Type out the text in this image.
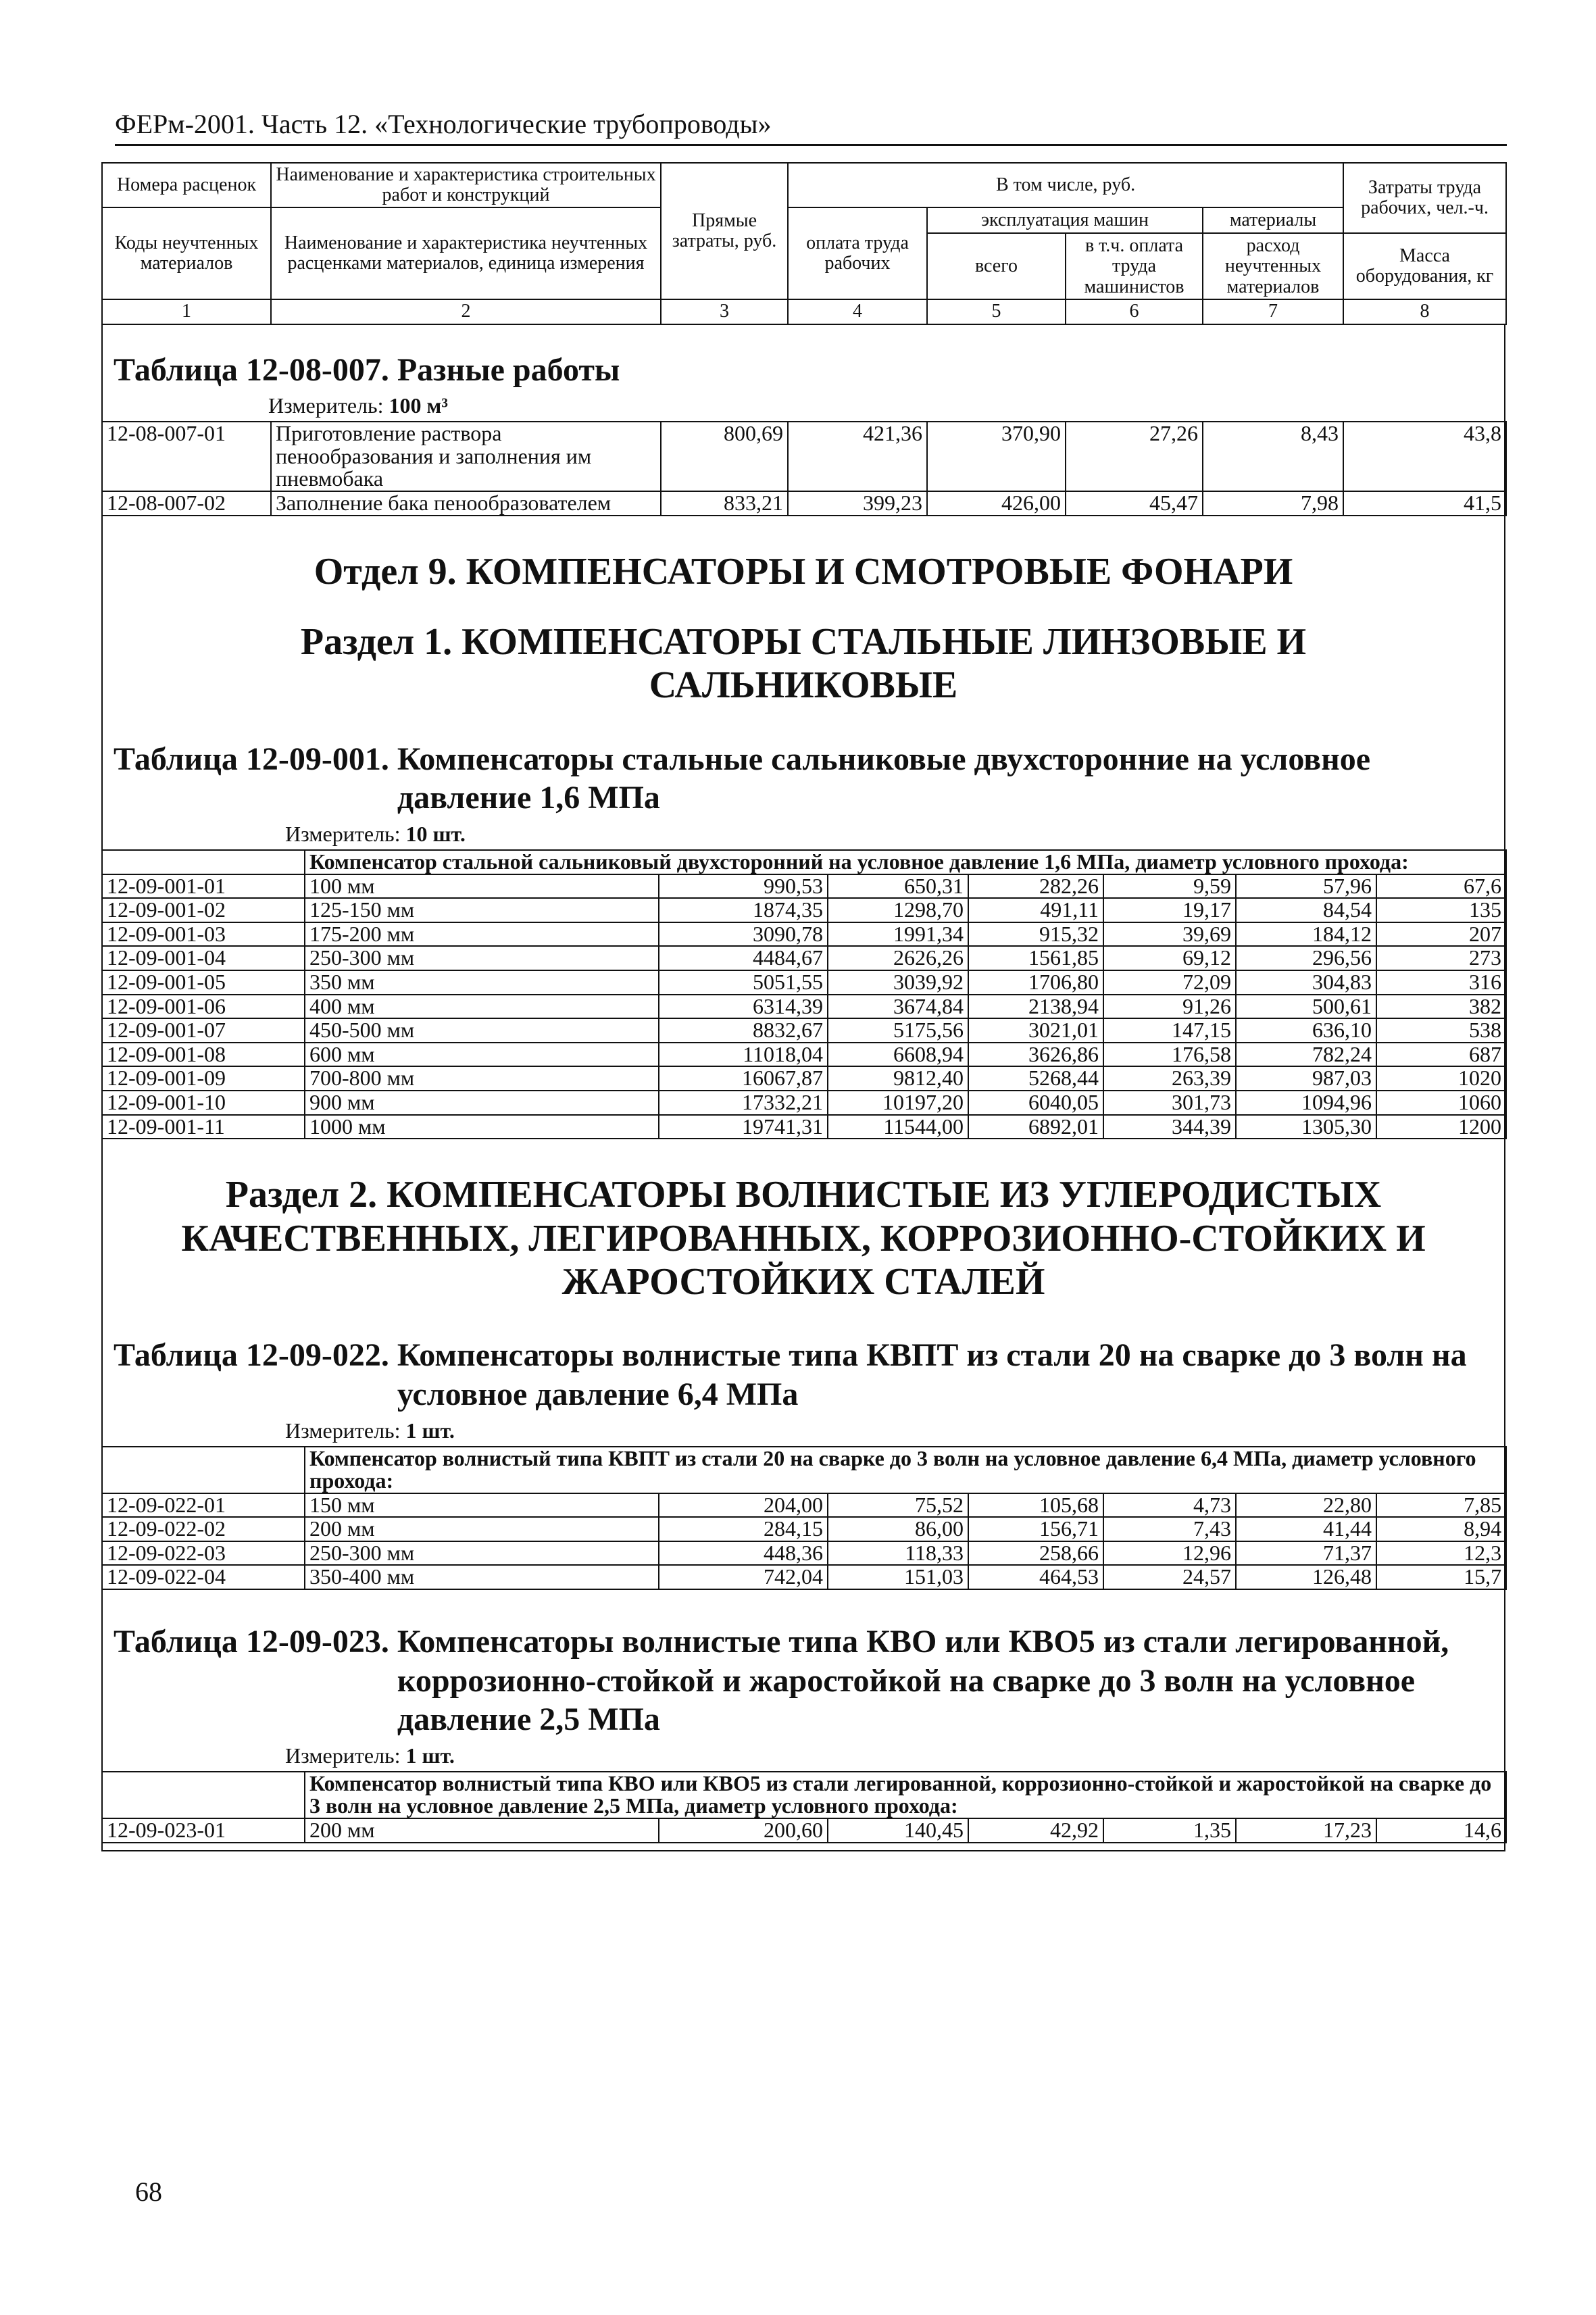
ФЕРм-2001. Часть 12. «Технологические трубопроводы»
Номера расценок	Наименование и характеристика строительных работ и конструкций	Прямые затраты, руб.	В том числе, руб.				Затраты труда рабочих, чел.-ч.
Коды неучтенных материалов	Наименование и характеристика неучтенных расценками материалов, единица измерения		оплата труда рабочих	эксплуатация машин		материалы	
				всего	в т.ч. оплата труда машинистов	расход неучтенных материалов	Масса оборудования, кг
1	2	3	4	5	6	7	8
Таблица 12-08-007. Разные работы
Измеритель: 100 м³
12-08-007-01	Приготовление раствора пенообразования и заполнения им пневмобака	800,69	421,36	370,90	27,26	8,43	43,8
12-08-007-02	Заполнение бака пенообразователем	833,21	399,23	426,00	45,47	7,98	41,5
Отдел 9. КОМПЕНСАТОРЫ И СМОТРОВЫЕ ФОНАРИ
Раздел 1. КОМПЕНСАТОРЫ СТАЛЬНЫЕ ЛИНЗОВЫЕ И САЛЬНИКОВЫЕ
Таблица 12-09-001. Компенсаторы стальные сальниковые двухсторонние на условное давление 1,6 МПа
Измеритель: 10 шт.
	Компенсатор стальной сальниковый двухсторонний на условное давление 1,6 МПа, диаметр условного прохода:						
12-09-001-01	100 мм	990,53	650,31	282,26	9,59	57,96	67,6
12-09-001-02	125-150 мм	1874,35	1298,70	491,11	19,17	84,54	135
12-09-001-03	175-200 мм	3090,78	1991,34	915,32	39,69	184,12	207
12-09-001-04	250-300 мм	4484,67	2626,26	1561,85	69,12	296,56	273
12-09-001-05	350 мм	5051,55	3039,92	1706,80	72,09	304,83	316
12-09-001-06	400 мм	6314,39	3674,84	2138,94	91,26	500,61	382
12-09-001-07	450-500 мм	8832,67	5175,56	3021,01	147,15	636,10	538
12-09-001-08	600 мм	11018,04	6608,94	3626,86	176,58	782,24	687
12-09-001-09	700-800 мм	16067,87	9812,40	5268,44	263,39	987,03	1020
12-09-001-10	900 мм	17332,21	10197,20	6040,05	301,73	1094,96	1060
12-09-001-11	1000 мм	19741,31	11544,00	6892,01	344,39	1305,30	1200
Раздел 2. КОМПЕНСАТОРЫ ВОЛНИСТЫЕ ИЗ УГЛЕРОДИСТЫХ КАЧЕСТВЕННЫХ, ЛЕГИРОВАННЫХ, КОРРОЗИОННО-СТОЙКИХ И ЖАРОСТОЙКИХ СТАЛЕЙ
Таблица 12-09-022. Компенсаторы волнистые типа КВПТ из стали 20 на сварке до 3 волн на условное давление 6,4 МПа
Измеритель: 1 шт.
	Компенсатор волнистый типа КВПТ из стали 20 на сварке до 3 волн на условное давление 6,4 МПа, диаметр условного прохода:						
12-09-022-01	150 мм	204,00	75,52	105,68	4,73	22,80	7,85
12-09-022-02	200 мм	284,15	86,00	156,71	7,43	41,44	8,94
12-09-022-03	250-300 мм	448,36	118,33	258,66	12,96	71,37	12,3
12-09-022-04	350-400 мм	742,04	151,03	464,53	24,57	126,48	15,7
Таблица 12-09-023. Компенсаторы волнистые типа КВО или КВО5 из стали легированной, коррозионно-стойкой и жаростойкой на сварке до 3 волн на условное давление 2,5 МПа
Измеритель: 1 шт.
	Компенсатор волнистый типа КВО или КВО5 из стали легированной, коррозионно-стойкой и жаростойкой на сварке до 3 волн на условное давление 2,5 МПа, диаметр условного прохода:						
12-09-023-01	200 мм	200,60	140,45	42,92	1,35	17,23	14,6
68
